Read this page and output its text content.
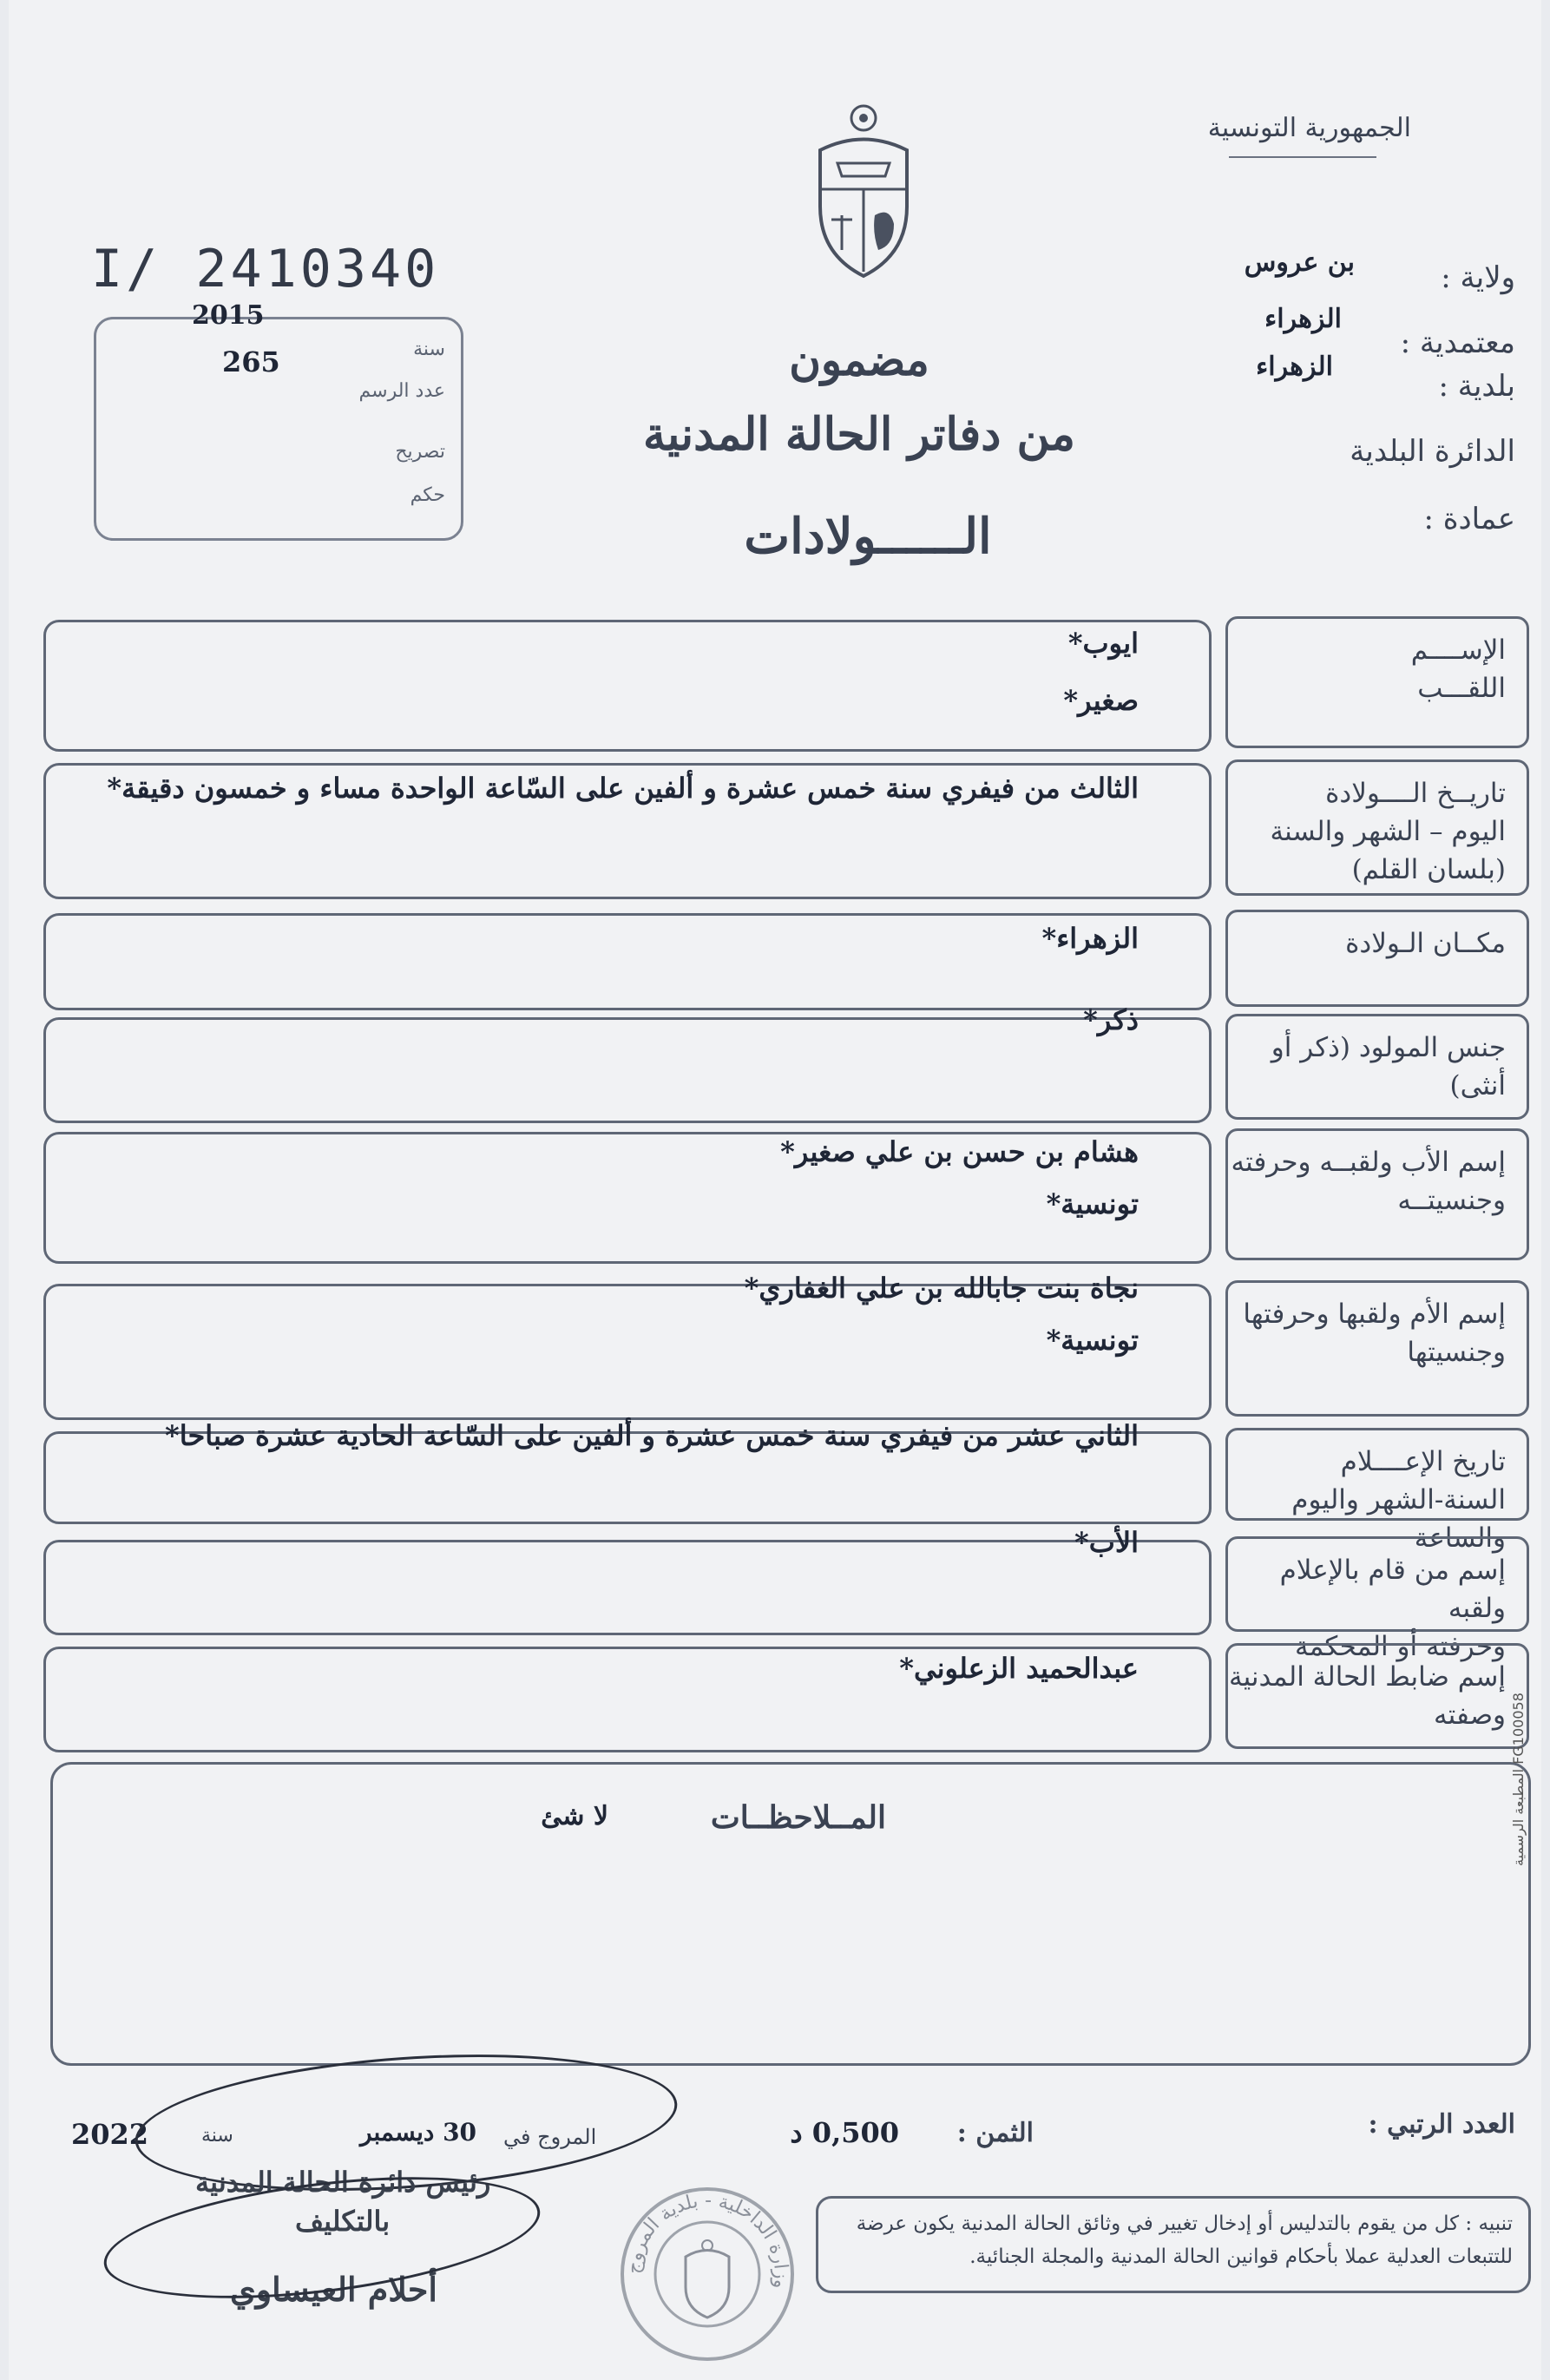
الجمهورية التونسية
ولاية :
بن عروس
معتمدية :
الزهراء
بلدية :
الزهراء
الدائرة البلدية
عمادة :
I/ 2410340
سنة
2015
عدد الرسم
265
تصريح
حكم
مضمون
من دفاتر الحالة المدنية
الــــــولادات
الإســــم
اللقـــب
ايوب*
صغير*
تاريــخ الــــولادة
اليوم – الشهر والسنة
(بلسان القلم)
الثالث من فيفري سنة خمس عشرة و ألفين على السّاعة الواحدة مساء و خمسون دقيقة*
مكــان الـولادة
الزهراء*
جنس المولود (ذكر أو أنثى)
ذكر*
إسم الأب ولقبــه وحرفته
وجنسيتــه
هشام بن حسن بن علي صغير*
تونسية*
إسم الأم ولقبها وحرفتها
وجنسيتها
نجاة بنت جابالله بن علي الغفاري*
تونسية*
تاريخ الإعــــلام
السنة-الشهر واليوم والساعة
الثاني عشر من فيفري سنة خمس عشرة و ألفين على السّاعة الحادية عشرة صباحا*
إسم من قام بالإعلام ولقبه
وحرفته أو المحكمة
الأب*
إسم ضابط الحالة المدنية
وصفته
عبدالحميد الزعلوني*
المــلاحظــات
لا شئ	المطبعة الرسمية FG100058
العدد الرتبي :
الثمن :
0,500 د
المروج في
30 ديسمبر
سنة
2022
رئيس دائرة الحالة المدنية
بالتكليف
أحلام العيساوي
وزارة الداخلية - بلدية المروج
تنبيه : كل من يقوم بالتدليس أو إدخال تغيير في وثائق الحالة المدنية يكون عرضة
للتتبعات العدلية عملا بأحكام قوانين الحالة المدنية والمجلة الجنائية.
